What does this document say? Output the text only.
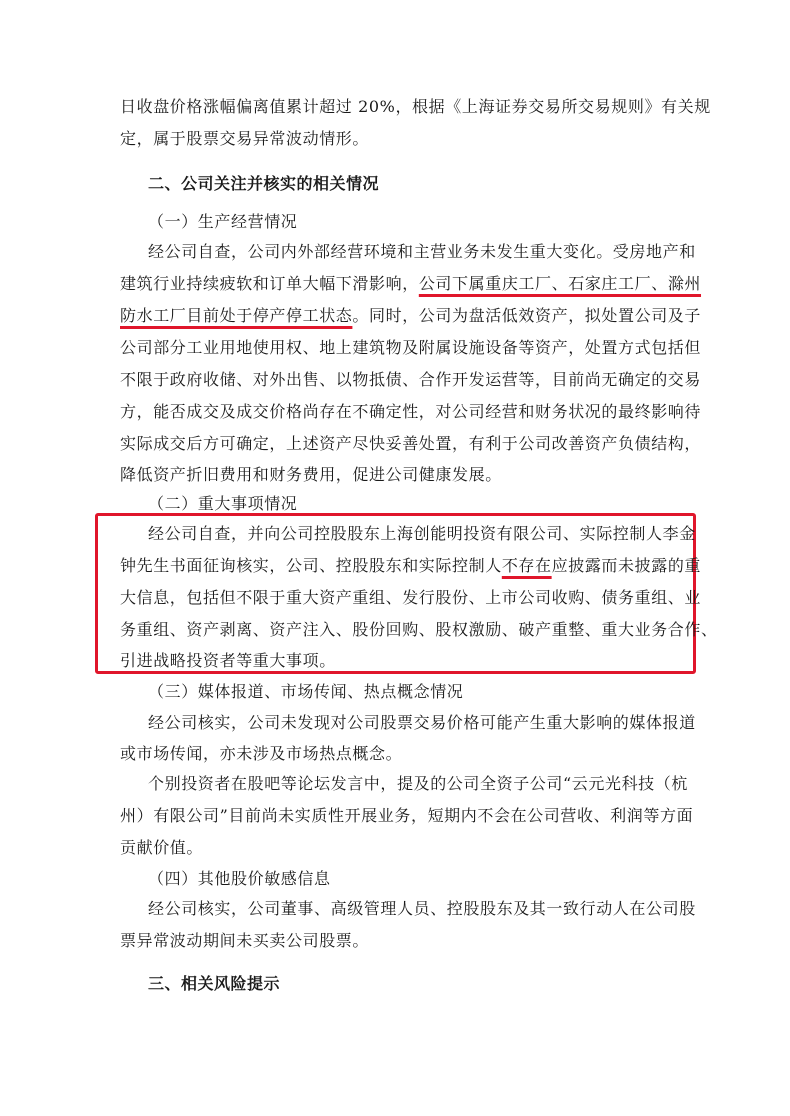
日收盘价格涨幅偏离值累计超过 20%，根据《上海证券交易所交易规则》有关规
定，属于股票交易异常波动情形。
二、公司关注并核实的相关情况
（一）生产经营情况
经公司自查，公司内外部经营环境和主营业务未发生重大变化。受房地产和
建筑行业持续疲软和订单大幅下滑影响，公司下属重庆工厂、石家庄工厂、滁州
防水工厂目前处于停产停工状态。同时，公司为盘活低效资产，拟处置公司及子
公司部分工业用地使用权、地上建筑物及附属设施设备等资产，处置方式包括但
不限于政府收储、对外出售、以物抵债、合作开发运营等，目前尚无确定的交易
方，能否成交及成交价格尚存在不确定性，对公司经营和财务状况的最终影响待
实际成交后方可确定，上述资产尽快妥善处置，有利于公司改善资产负债结构，
降低资产折旧费用和财务费用，促进公司健康发展。
（二）重大事项情况
经公司自查，并向公司控股股东上海创能明投资有限公司、实际控制人李金
钟先生书面征询核实，公司、控股股东和实际控制人不存在应披露而未披露的重
大信息，包括但不限于重大资产重组、发行股份、上市公司收购、债务重组、业
务重组、资产剥离、资产注入、股份回购、股权激励、破产重整、重大业务合作、
引进战略投资者等重大事项。
（三）媒体报道、市场传闻、热点概念情况
经公司核实，公司未发现对公司股票交易价格可能产生重大影响的媒体报道
或市场传闻，亦未涉及市场热点概念。
个别投资者在股吧等论坛发言中，提及的公司全资子公司“云元光科技（杭
州）有限公司”目前尚未实质性开展业务，短期内不会在公司营收、利润等方面
贡献价值。
（四）其他股价敏感信息
经公司核实，公司董事、高级管理人员、控股股东及其一致行动人在公司股
票异常波动期间未买卖公司股票。
三、相关风险提示
